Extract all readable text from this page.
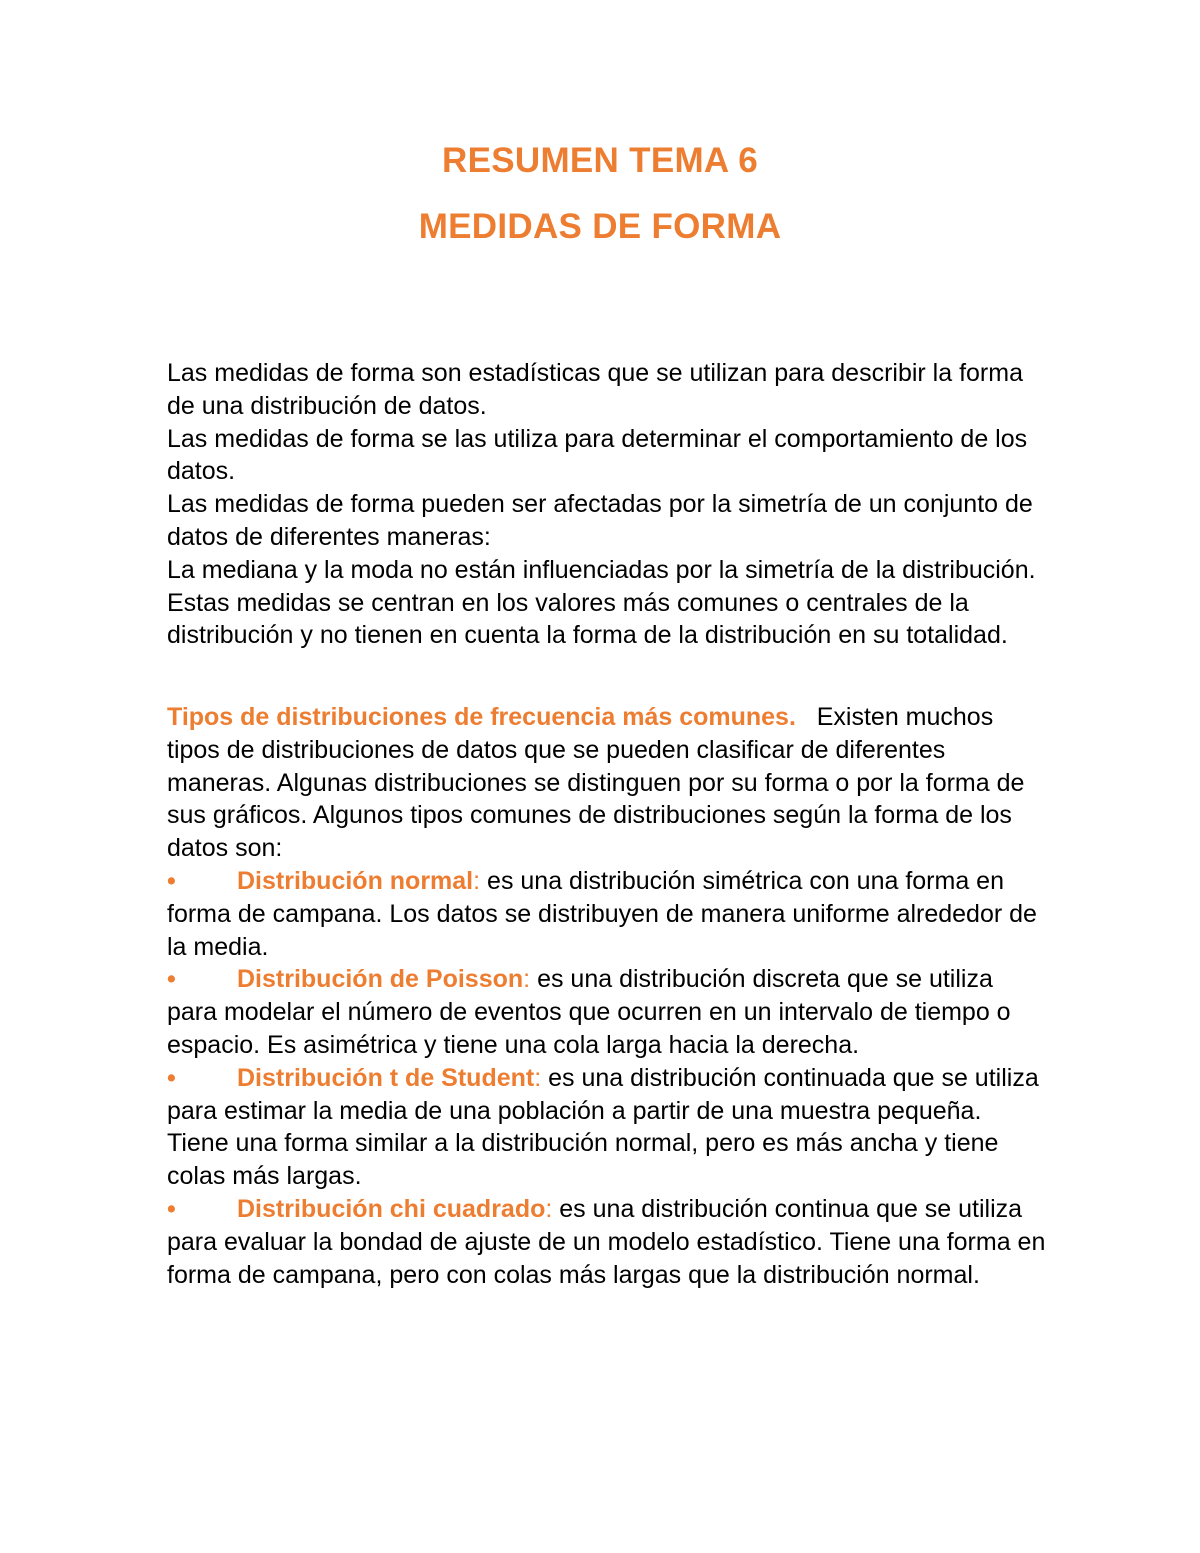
RESUMEN TEMA 6
MEDIDAS DE FORMA

Las medidas de forma son estadísticas que se utilizan para describir la forma de una distribución de datos.

Las medidas de forma se las utiliza para determinar el comportamiento de los datos.

Las medidas de forma pueden ser afectadas por la simetría de un conjunto de datos de diferentes maneras:

La mediana y la moda no están influenciadas por la simetría de la distribución. Estas medidas se centran en los valores más comunes o centrales de la distribución y no tienen en cuenta la forma de la distribución en su totalidad.

Tipos de distribuciones de frecuencia más comunes. Existen muchos tipos de distribuciones de datos que se pueden clasificar de diferentes maneras. Algunas distribuciones se distinguen por su forma o por la forma de sus gráficos. Algunos tipos comunes de distribuciones según la forma de los datos son:

• Distribución normal: es una distribución simétrica con una forma en forma de campana. Los datos se distribuyen de manera uniforme alrededor de la media.

• Distribución de Poisson: es una distribución discreta que se utiliza para modelar el número de eventos que ocurren en un intervalo de tiempo o espacio. Es asimétrica y tiene una cola larga hacia la derecha.

• Distribución t de Student: es una distribución continuada que se utiliza para estimar la media de una población a partir de una muestra pequeña. Tiene una forma similar a la distribución normal, pero es más ancha y tiene colas más largas.

• Distribución chi cuadrado: es una distribución continua que se utiliza para evaluar la bondad de ajuste de un modelo estadístico. Tiene una forma en forma de campana, pero con colas más largas que la distribución normal.
